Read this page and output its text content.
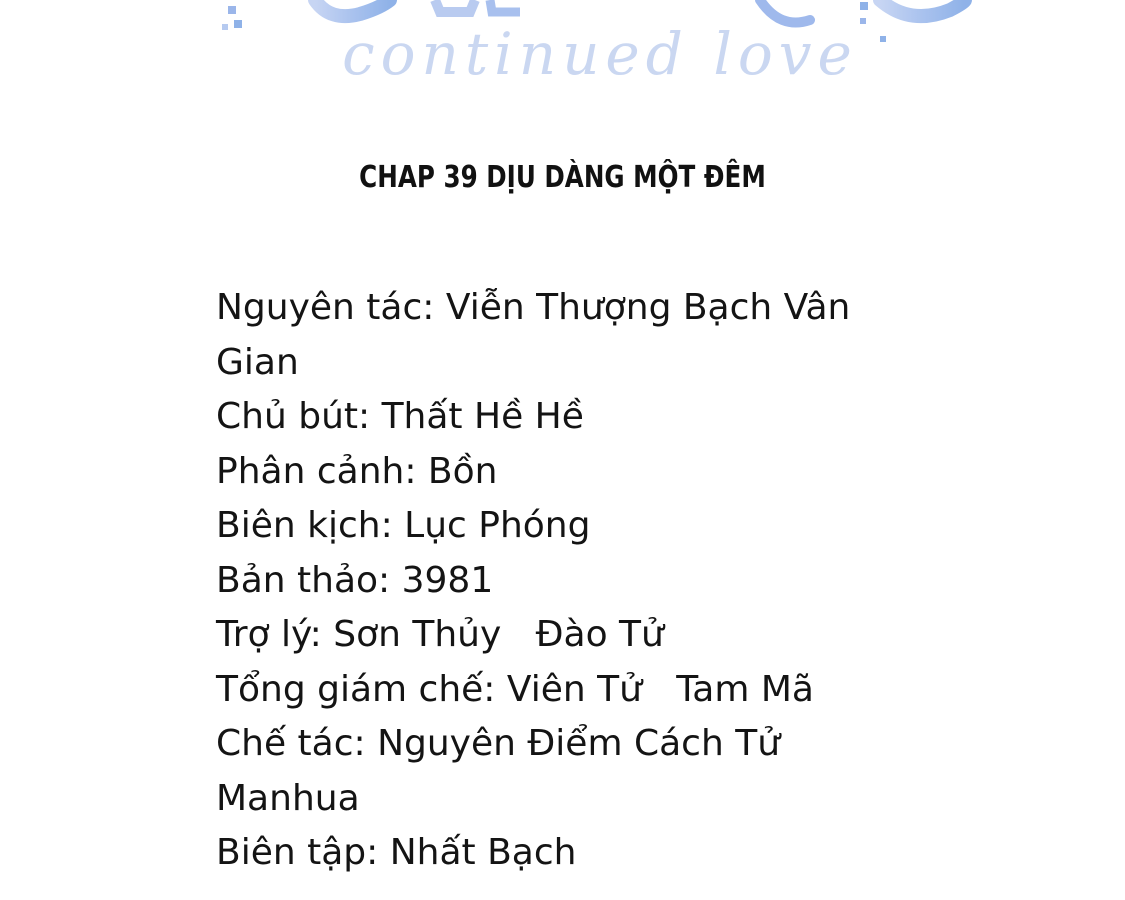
continued love
CHAP 39 DỊU DÀNG MỘT ĐÊM
Nguyên tác: Viễn Thượng Bạch Vân
Gian
Chủ bút: Thất Hề Hề
Phân cảnh: Bồn
Biên kịch: Lục Phóng
Bản thảo: 3981
Trợ lý: Sơn Thủy   Đào Tử
Tổng giám chế: Viên Tử   Tam Mã
Chế tác: Nguyên Điểm Cách Tử
Manhua
Biên tập: Nhất Bạch
